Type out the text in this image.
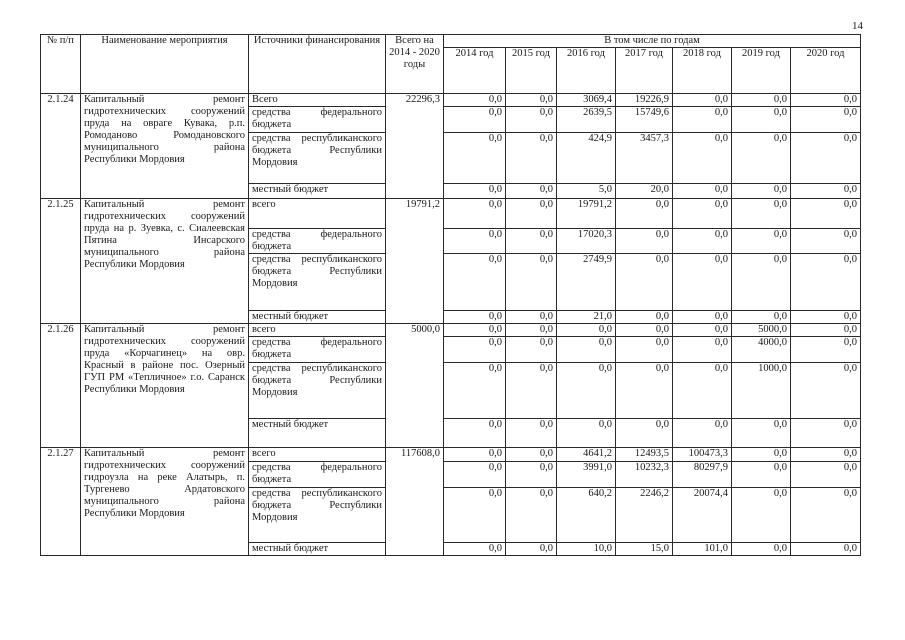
14
№ п/п	Наименование мероприятия	Источники финансирования	Всего на 2014 - 2020 годы	В том числе по годам						
				2014 год	2015 год	2016 год	2017 год	2018 год	2019 год	2020 год
2.1.24	Капитальный ремонт гидротехнических сооружений пруда на овраге Кувака, р.п. Ромоданово Ромодановского муниципального района Республики Мордовия	Всего	22296,3	0,0	0,0	3069,4	19226,9	0,0	0,0	0,0
		средства федерального бюджета		0,0	0,0	2639,5	15749,6	0,0	0,0	0,0
		средства республиканского бюджета Республики Мордовия		0,0	0,0	424,9	3457,3	0,0	0,0	0,0
		местный бюджет		0,0	0,0	5,0	20,0	0,0	0,0	0,0
2.1.25	Капитальный ремонт гидротехнических сооружений пруда на р. Зуевка, с. Сиалеевская Пятина Инсарского муниципального района Республики Мордовия	всего	19791,2	0,0	0,0	19791,2	0,0	0,0	0,0	0,0
		средства федерального бюджета		0,0	0,0	17020,3	0,0	0,0	0,0	0,0
		средства республиканского бюджета Республики Мордовия		0,0	0,0	2749,9	0,0	0,0	0,0	0,0
		местный бюджет		0,0	0,0	21,0	0,0	0,0	0,0	0,0
2.1.26	Капитальный ремонт гидротехнических сооружений пруда «Корчагинец» на овр. Красный в районе пос. Озерный ГУП РМ «Тепличное» г.о. Саранск Республики Мордовия	всего	5000,0	0,0	0,0	0,0	0,0	0,0	5000,0	0,0
		средства федерального бюджета		0,0	0,0	0,0	0,0	0,0	4000,0	0,0
		средства республиканского бюджета Республики Мордовия		0,0	0,0	0,0	0,0	0,0	1000,0	0,0
		местный бюджет		0,0	0,0	0,0	0,0	0,0	0,0	0,0
2.1.27	Капитальный ремонт гидротехнических сооружений гидроузла на реке Алатырь, п. Тургенево Ардатовского муниципального района Республики Мордовия	всего	117608,0	0,0	0,0	4641,2	12493,5	100473,3	0,0	0,0
		средства федерального бюджета		0,0	0,0	3991,0	10232,3	80297,9	0,0	0,0
		средства республиканского бюджета Республики Мордовия		0,0	0,0	640,2	2246,2	20074,4	0,0	0,0
		местный бюджет		0,0	0,0	10,0	15,0	101,0	0,0	0,0
